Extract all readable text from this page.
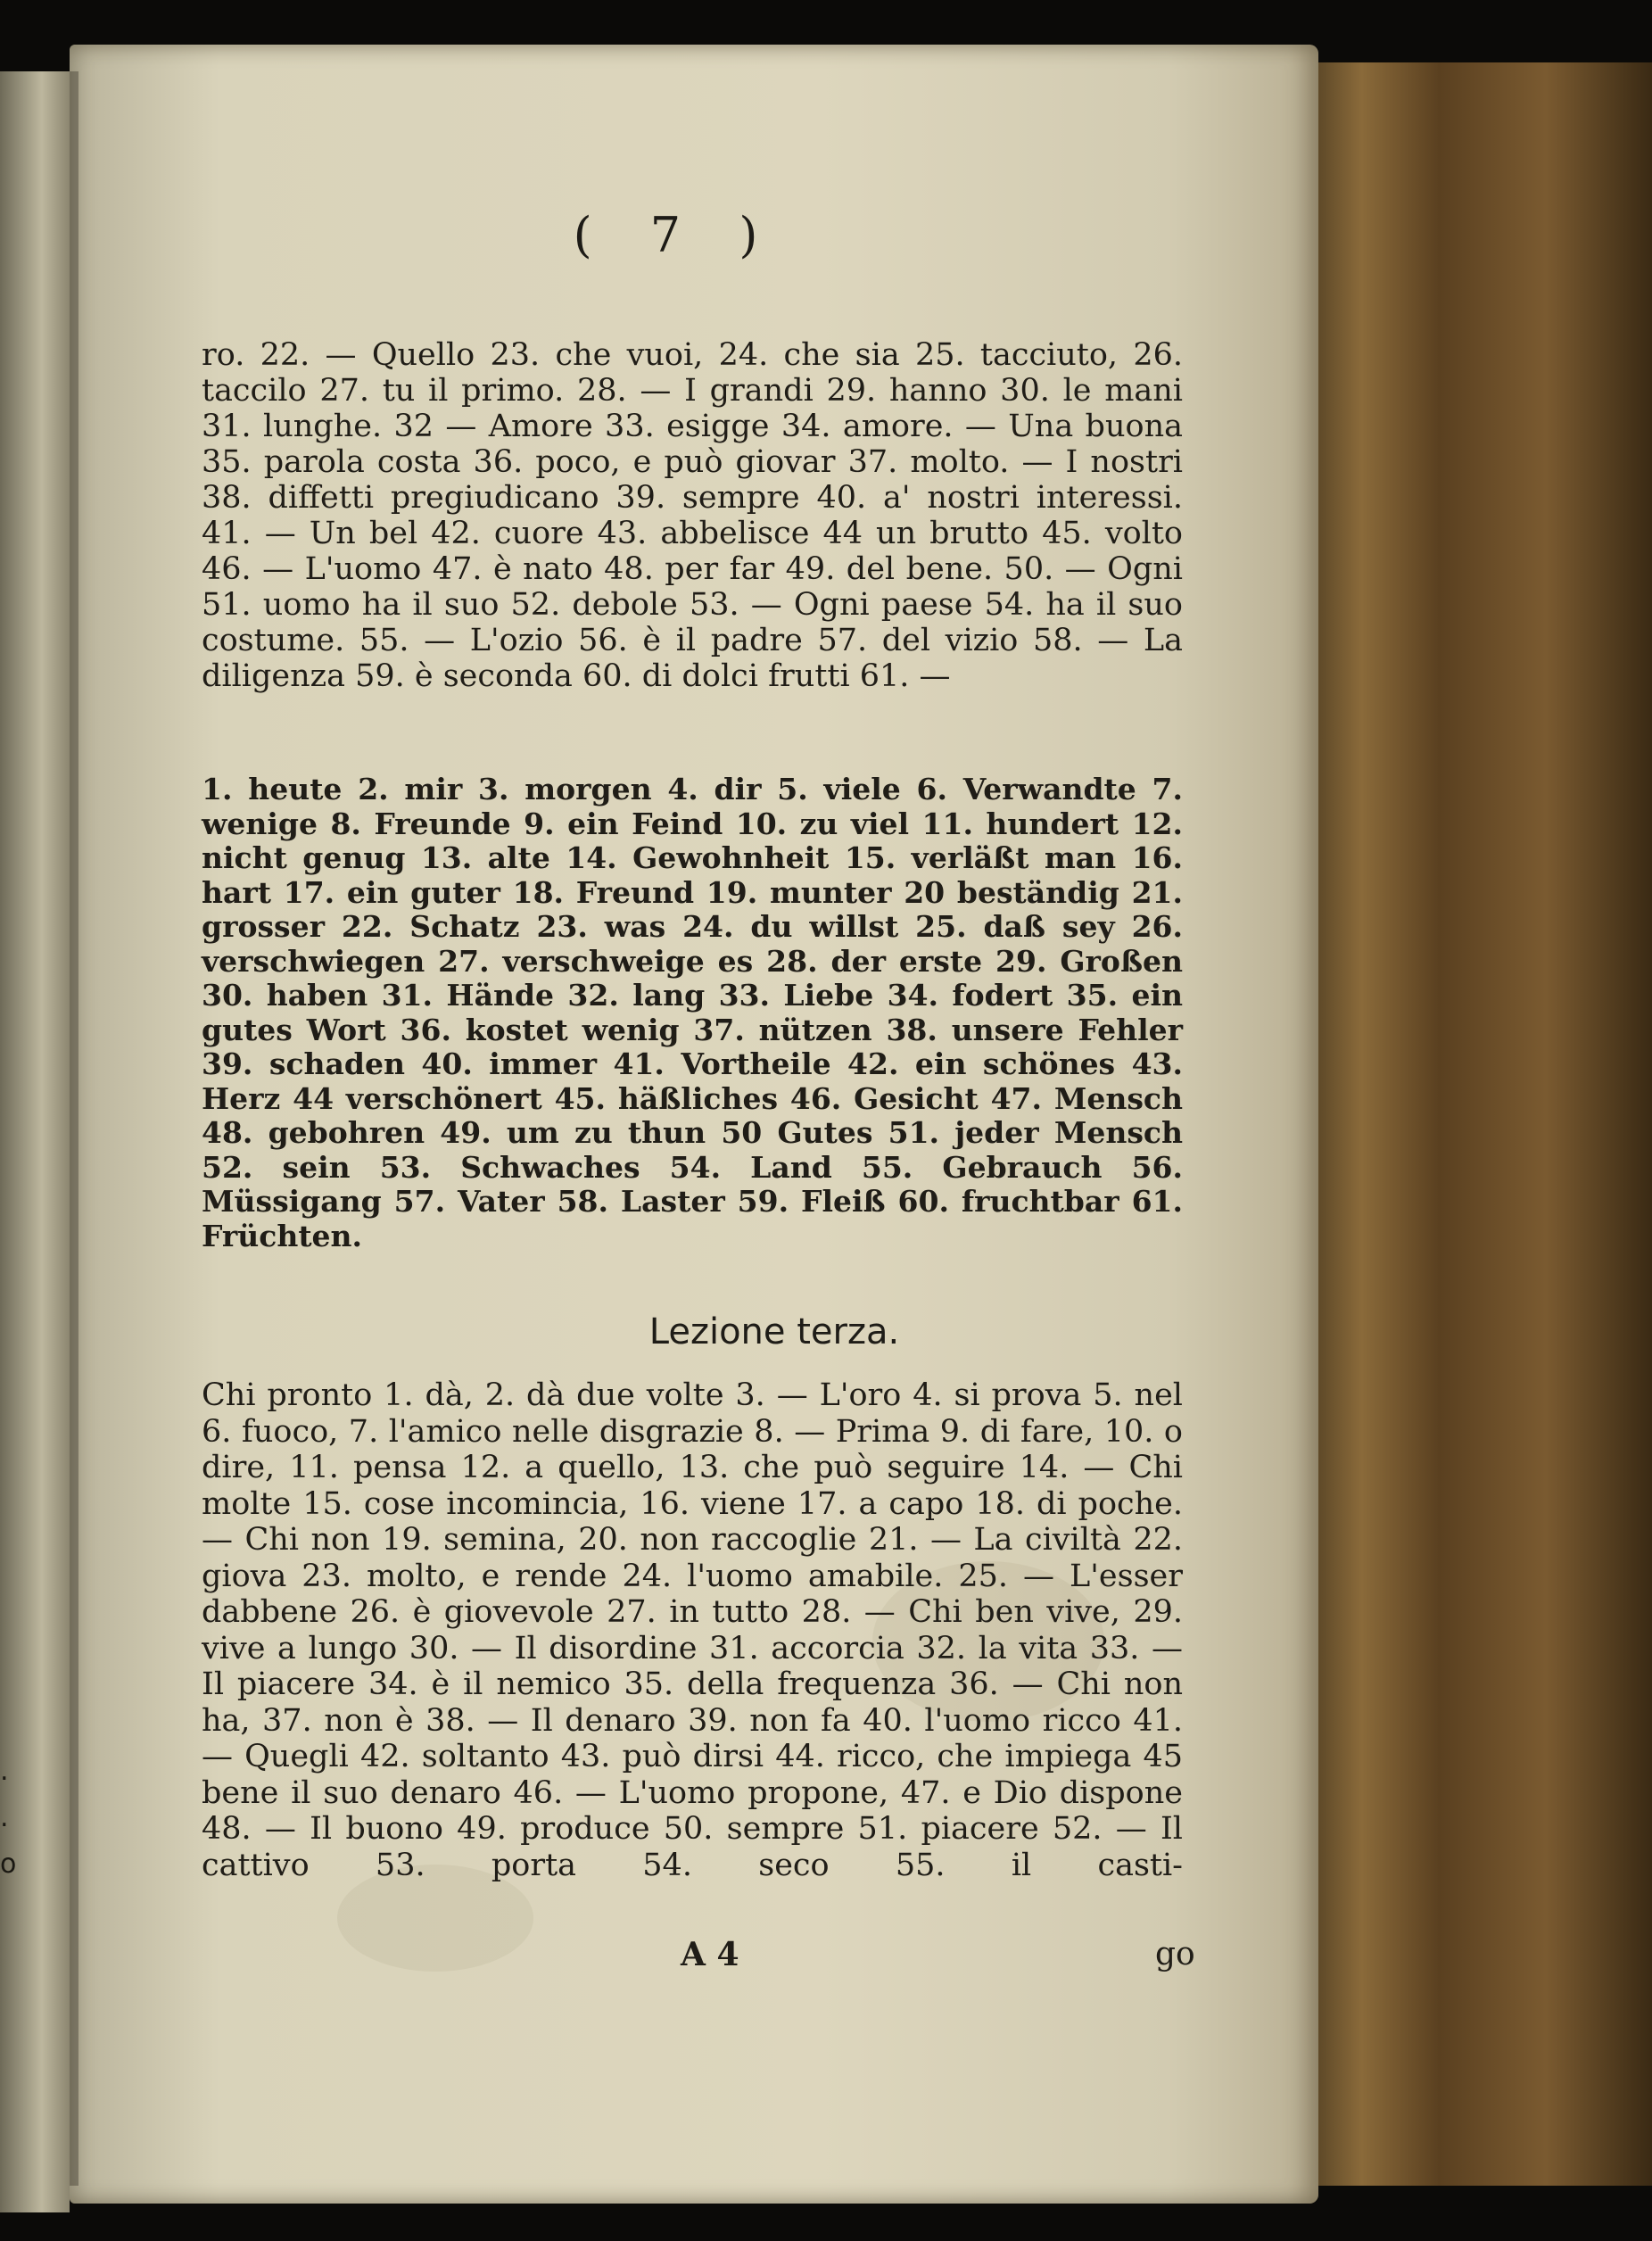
.
.
o
( 7 )

ro. 22. — Quello 23. che vuoi, 24. che sia 25. tacciuto, 26. taccilo 27. tu il primo. 28. — I grandi 29. hanno 30. le mani 31. lunghe. 32 — Amore 33. esigge 34. amore. — Una buona 35. parola costa 36. poco, e può giovar 37. molto. — I nostri 38. diffetti pregiudicano 39. sempre 40. a' nostri interessi. 41. — Un bel 42. cuore 43. abbelisce 44 un brutto 45. volto 46. — L'uomo 47. è nato 48. per far 49. del bene. 50. — Ogni 51. uomo ha il suo 52. debole 53. — Ogni paese 54. ha il suo costume. 55. — L'ozio 56. è il padre 57. del vizio 58. — La diligenza 59. è seconda 60. di dolci frutti 61. —

1. heute 2. mir 3. morgen 4. dir 5. viele 6. Verwandte 7. wenige 8. Freunde 9. ein Feind 10. zu viel 11. hundert 12. nicht genug 13. alte 14. Gewohnheit 15. verläßt man 16. hart 17. ein guter 18. Freund 19. munter 20 beständig 21. grosser 22. Schatz 23. was 24. du willst 25. daß sey 26. verschwiegen 27. verschweige es 28. der erste 29. Großen 30. haben 31. Hände 32. lang 33. Liebe 34. fodert 35. ein gutes Wort 36. kostet wenig 37. nützen 38. unsere Fehler 39. schaden 40. immer 41. Vortheile 42. ein schönes 43. Herz 44 verschönert 45. häßliches 46. Gesicht 47. Mensch 48. gebohren 49. um zu thun 50 Gutes 51. jeder Mensch 52. sein 53. Schwaches 54. Land 55. Gebrauch 56. Müssigang 57. Vater 58. Laster 59. Fleiß 60. fruchtbar 61. Früchten.

Lezione terza.

Chi pronto 1. dà, 2. dà due volte 3. — L'oro 4. si prova 5. nel 6. fuoco, 7. l'amico nelle disgrazie 8. — Prima 9. di fare, 10. o dire, 11. pensa 12. a quello, 13. che può seguire 14. — Chi molte 15. cose incomincia, 16. viene 17. a capo 18. di poche. — Chi non 19. semina, 20. non raccoglie 21. — La civiltà 22. giova 23. molto, e rende 24. l'uomo amabile. 25. — L'esser dabbene 26. è giovevole 27. in tutto 28. — Chi ben vive, 29. vive a lungo 30. — Il disordine 31. accorcia 32. la vita 33. — Il piacere 34. è il nemico 35. della frequenza 36. — Chi non ha, 37. non è 38. — Il denaro 39. non fa 40. l'uomo ricco 41. — Quegli 42. soltanto 43. può dirsi 44. ricco, che impiega 45 bene il suo denaro 46. — L'uomo propone, 47. e Dio dispone 48. — Il buono 49. produce 50. sempre 51. piacere 52. — Il cattivo 53. porta 54. seco 55. il casti-

A 4	go
